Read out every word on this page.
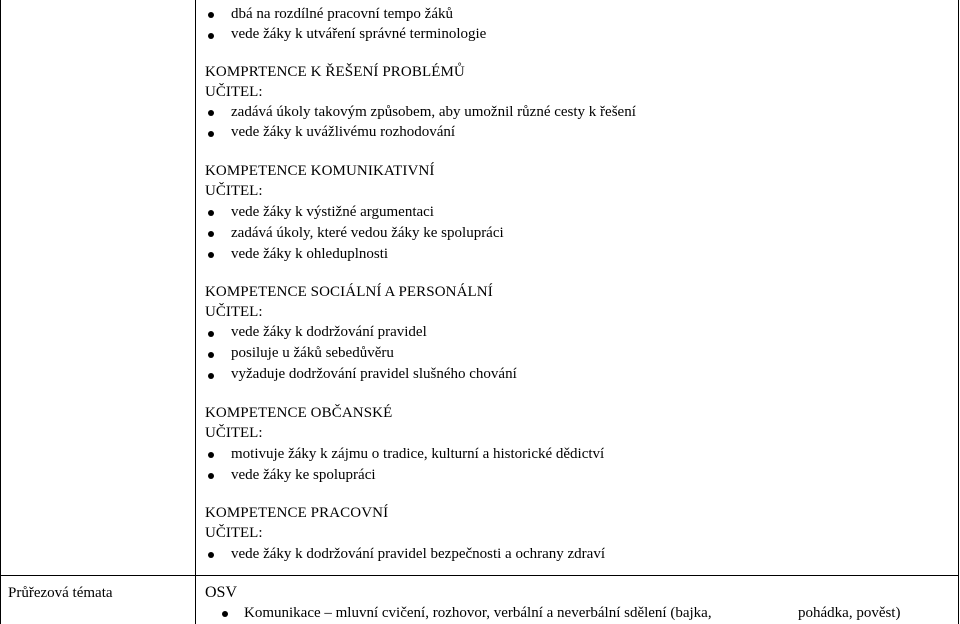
dbá na rozdílné pracovní tempo žáků
vede žáky k utváření správné terminologie
KOMPRTENCE K ŘEŠENÍ PROBLÉMŮ
UČITEL:
zadává úkoly takovým způsobem, aby umožnil různé cesty k řešení
vede žáky k uvážlivému rozhodování
KOMPETENCE KOMUNIKATIVNÍ
UČITEL:
vede žáky k výstižné argumentaci
zadává úkoly, které vedou žáky ke spolupráci
vede žáky k ohleduplnosti
KOMPETENCE SOCIÁLNÍ A PERSONÁLNÍ
UČITEL:
vede žáky k dodržování pravidel
posiluje u žáků sebedůvěru
vyžaduje dodržování pravidel slušného chování
KOMPETENCE OBČANSKÉ
UČITEL:
motivuje žáky k zájmu o tradice, kulturní a historické dědictví
vede žáky ke spolupráci
KOMPETENCE PRACOVNÍ
UČITEL:
vede žáky k dodržování pravidel bezpečnosti a ochrany zdraví
Průřezová témata	OSV
Komunikace – mluvní cvičení, rozhovor, verbální a neverbální sdělení (bajka,	pohádka, pověst)
